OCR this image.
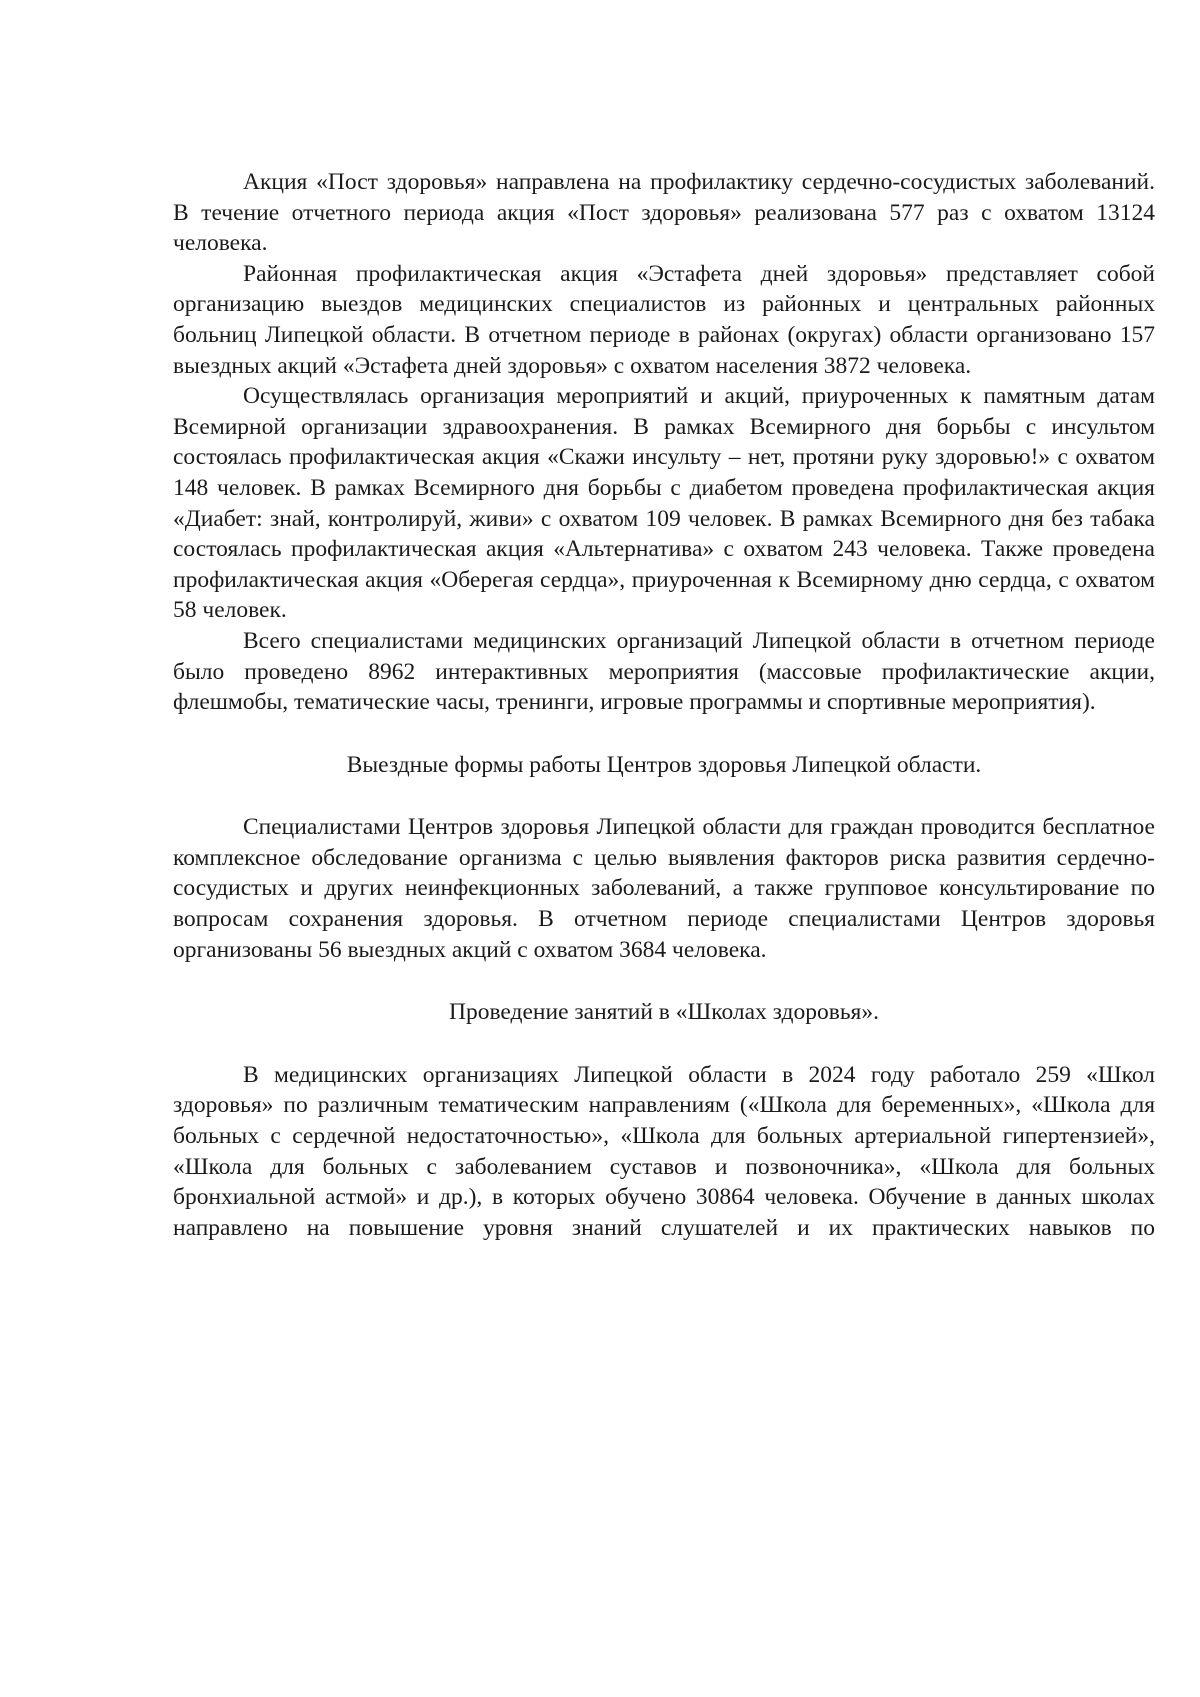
Акция «Пост здоровья» направлена на профилактику сердечно-сосудистых заболеваний. В течение отчетного периода акция «Пост здоровья» реализована 577 раз с охватом 13124 человека.

Районная профилактическая акция «Эстафета дней здоровья» представляет собой организацию выездов медицинских специалистов из районных и центральных районных больниц Липецкой области. В отчетном периоде в районах (округах) области организовано 157 выездных акций «Эстафета дней здоровья» с охватом населения 3872 человека.

Осуществлялась организация мероприятий и акций, приуроченных к памятным датам Всемирной организации здравоохранения. В рамках Всемирного дня борьбы с инсультом состоялась профилактическая акция «Скажи инсульту – нет, протяни руку здоровью!» с охватом 148 человек. В рамках Всемирного дня борьбы с диабетом проведена профилактическая акция «Диабет: знай, контролируй, живи» с охватом 109 человек. В рамках Всемирного дня без табака состоялась профилактическая акция «Альтернатива» с охватом 243 человека. Также проведена профилактическая акция «Оберегая сердца», приуроченная к Всемирному дню сердца, с охватом 58 человек.

Всего специалистами медицинских организаций Липецкой области в отчетном периоде было проведено 8962 интерактивных мероприятия (массовые профилактические акции, флешмобы, тематические часы, тренинги, игровые программы и спортивные мероприятия).

Выездные формы работы Центров здоровья Липецкой области.

Специалистами Центров здоровья Липецкой области для граждан проводится бесплатное комплексное обследование организма с целью выявления факторов риска развития сердечно-сосудистых и других неинфекционных заболеваний, а также групповое консультирование по вопросам сохранения здоровья. В отчетном периоде специалистами Центров здоровья организованы 56 выездных акций с охватом 3684 человека.

Проведение занятий в «Школах здоровья».

В медицинских организациях Липецкой области в 2024 году работало 259 «Школ здоровья» по различным тематическим направлениям («Школа для беременных», «Школа для больных с сердечной недостаточностью», «Школа для больных артериальной гипертензией», «Школа для больных с заболеванием суставов и позвоночника», «Школа для больных бронхиальной астмой» и др.), в которых обучено 30864 человека. Обучение в данных школах направлено на повышение уровня знаний слушателей и их практических навыков по
